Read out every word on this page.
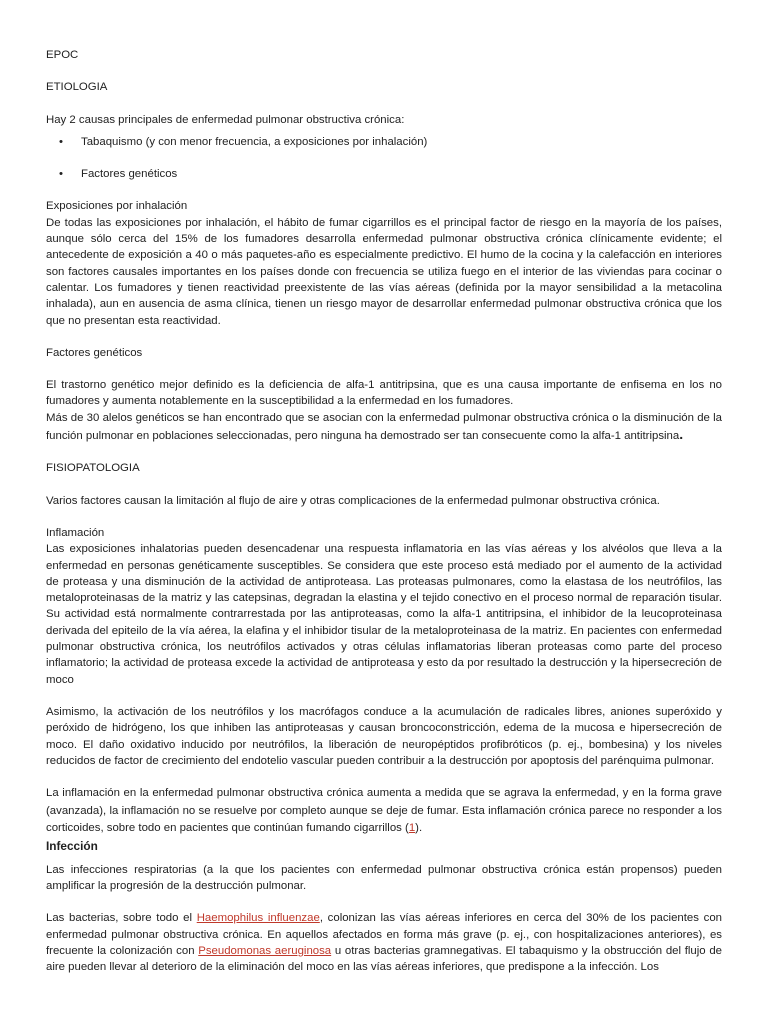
EPOC

ETIOLOGIA

Hay 2 causas principales de enfermedad pulmonar obstructiva crónica:

• Tabaquismo (y con menor frecuencia, a exposiciones por inhalación)
• Factores genéticos

Exposiciones por inhalación
De todas las exposiciones por inhalación, el hábito de fumar cigarrillos es el principal factor de riesgo en la mayoría de los países, aunque sólo cerca del 15% de los fumadores desarrolla enfermedad pulmonar obstructiva crónica clínicamente evidente; el antecedente de exposición a 40 o más paquetes-año es especialmente predictivo. El humo de la cocina y la calefacción en interiores son factores causales importantes en los países donde con frecuencia se utiliza fuego en el interior de las viviendas para cocinar o calentar. Los fumadores y tienen reactividad preexistente de las vías aéreas (definida por la mayor sensibilidad a la metacolina inhalada), aun en ausencia de asma clínica, tienen un riesgo mayor de desarrollar enfermedad pulmonar obstructiva crónica que los que no presentan esta reactividad.

Factores genéticos

El trastorno genético mejor definido es la deficiencia de alfa-1 antitripsina, que es una causa importante de enfisema en los no fumadores y aumenta notablemente en la susceptibilidad a la enfermedad en los fumadores.

Más de 30 alelos genéticos se han encontrado que se asocian con la enfermedad pulmonar obstructiva crónica o la disminución de la función pulmonar en poblaciones seleccionadas, pero ninguna ha demostrado ser tan consecuente como la alfa-1 antitripsina.

FISIOPATOLOGIA

Varios factores causan la limitación al flujo de aire y otras complicaciones de la enfermedad pulmonar obstructiva crónica.

Inflamación
Las exposiciones inhalatorias pueden desencadenar una respuesta inflamatoria en las vías aéreas y los alvéolos que lleva a la enfermedad en personas genéticamente susceptibles. Se considera que este proceso está mediado por el aumento de la actividad de proteasa y una disminución de la actividad de antiproteasa. Las proteasas pulmonares, como la elastasa de los neutrófilos, las metaloproteinasas de la matriz y las catepsinas, degradan la elastina y el tejido conectivo en el proceso normal de reparación tisular. Su actividad está normalmente contrarrestada por las antiproteasas, como la alfa-1 antitripsina, el inhibidor de la leucoproteinasa derivada del epiteilo de la vía aérea, la elafina y el inhibidor tisular de la metaloproteinasa de la matriz. En pacientes con enfermedad pulmonar obstructiva crónica, los neutrófilos activados y otras células inflamatorias liberan proteasas como parte del proceso inflamatorio; la actividad de proteasa excede la actividad de antiproteasa y esto da por resultado la destrucción y la hipersecreción de moco

Asimismo, la activación de los neutrófilos y los macrófagos conduce a la acumulación de radicales libres, aniones superóxido y peróxido de hidrógeno, los que inhiben las antiproteasas y causan broncoconstricción, edema de la mucosa e hipersecreción de moco. El daño oxidativo inducido por neutrófilos, la liberación de neuropéptidos profibróticos (p. ej., bombesina) y los niveles reducidos de factor de crecimiento del endotelio vascular pueden contribuir a la destrucción por apoptosis del parénquima pulmonar.

La inflamación en la enfermedad pulmonar obstructiva crónica aumenta a medida que se agrava la enfermedad, y en la forma grave (avanzada), la inflamación no se resuelve por completo aunque se deje de fumar. Esta inflamación crónica parece no responder a los corticoides, sobre todo en pacientes que continúan fumando cigarrillos (1).

Infección

Las infecciones respiratorias (a la que los pacientes con enfermedad pulmonar obstructiva crónica están propensos) pueden amplificar la progresión de la destrucción pulmonar.

Las bacterias, sobre todo el Haemophilus influenzae, colonizan las vías aéreas inferiores en cerca del 30% de los pacientes con enfermedad pulmonar obstructiva crónica. En aquellos afectados en forma más grave (p. ej., con hospitalizaciones anteriores), es frecuente la colonización con Pseudomonas aeruginosa u otras bacterias gramnegativas. El tabaquismo y la obstrucción del flujo de aire pueden llevar al deterioro de la eliminación del moco en las vías aéreas inferiores, que predispone a la infección. Los
